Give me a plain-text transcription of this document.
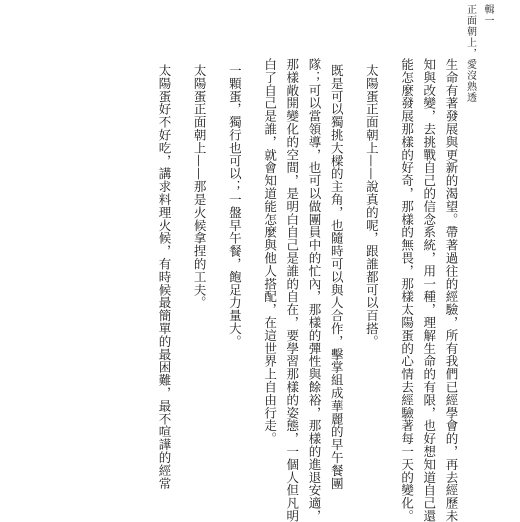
輯一
正面朝上，愛沒熟透
生命有著發展與更新的渴望。帶著過往的經驗，所有我們已經學會的，再去經歷未
知與改變，去挑戰自己的信念系統，用一種，理解生命的有限，也好想知道自己還
能怎麼發展那樣的好奇，那樣的無畏，那樣太陽蛋的心情去經驗著每一天的變化。
太陽蛋正面朝上——說真的呢，跟誰都可以百搭。
既是可以獨挑大樑的主角，也隨時可以與人合作，擊掌組成華麗的早午餐團
隊；可以當領導，也可以做團員中的忙內，那樣的彈性與餘裕，那樣的進退安適，
那樣敞開變化的空間，是明白自己是誰的自在，要學習那樣的姿態，一個人但凡明
白了自己是誰，就會知道能怎麼與他人搭配，在這世界上自由行走。
一顆蛋，獨行也可以；一盤早午餐，飽足力量大。
太陽蛋正面朝上——那是火候拿捏的工夫。
太陽蛋好不好吃，講求料理火候，有時候最簡單的最困難，最不喧譁的經常
